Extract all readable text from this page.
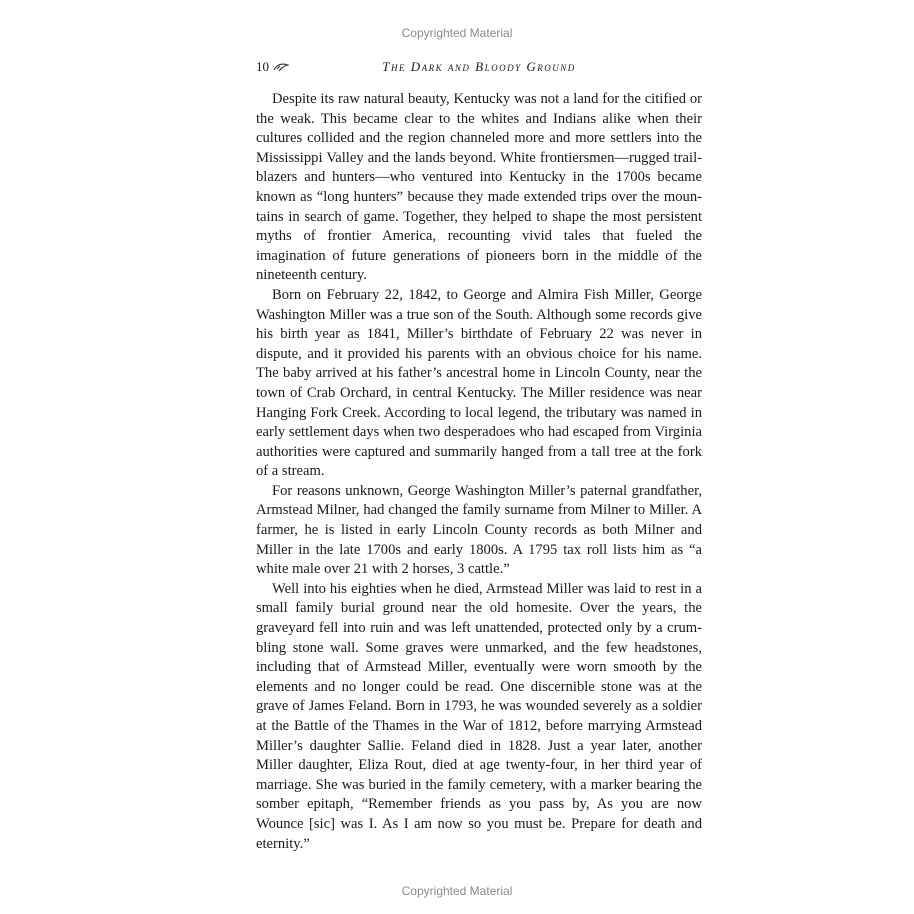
Copyrighted Material
10	The Dark and Bloody Ground

Despite its raw natural beauty, Kentucky was not a land for the citified or the weak. This became clear to the whites and Indians alike when their cultures collided and the region channeled more and more settlers into the Mississippi Valley and the lands beyond. White frontiersmen—rugged trailblazers and hunters—who ventured into Kentucky in the 1700s became known as “long hunters” because they made extended trips over the mountains in search of game. Together, they helped to shape the most persistent myths of frontier America, recounting vivid tales that fueled the imagination of future generations of pioneers born in the middle of the nineteenth century.

Born on February 22, 1842, to George and Almira Fish Miller, George Washington Miller was a true son of the South. Although some records give his birth year as 1841, Miller’s birthdate of February 22 was never in dispute, and it provided his parents with an obvious choice for his name. The baby arrived at his father’s ancestral home in Lincoln County, near the town of Crab Orchard, in central Kentucky. The Miller residence was near Hanging Fork Creek. According to local legend, the tributary was named in early settlement days when two desperadoes who had escaped from Virginia authorities were captured and summarily hanged from a tall tree at the fork of a stream.

For reasons unknown, George Washington Miller’s paternal grandfather, Armstead Milner, had changed the family surname from Milner to Miller. A farmer, he is listed in early Lincoln County records as both Milner and Miller in the late 1700s and early 1800s. A 1795 tax roll lists him as “a white male over 21 with 2 horses, 3 cattle.”

Well into his eighties when he died, Armstead Miller was laid to rest in a small family burial ground near the old homesite. Over the years, the graveyard fell into ruin and was left unattended, protected only by a crumbling stone wall. Some graves were unmarked, and the few headstones, including that of Armstead Miller, eventually were worn smooth by the elements and no longer could be read. One discernible stone was at the grave of James Feland. Born in 1793, he was wounded severely as a soldier at the Battle of the Thames in the War of 1812, before marrying Armstead Miller’s daughter Sallie. Feland died in 1828. Just a year later, another Miller daughter, Eliza Rout, died at age twenty-four, in her third year of marriage. She was buried in the family cemetery, with a marker bearing the somber epitaph, “Remember friends as you pass by, As you are now Wounce [sic] was I. As I am now so you must be. Prepare for death and eternity.”

Copyrighted Material
